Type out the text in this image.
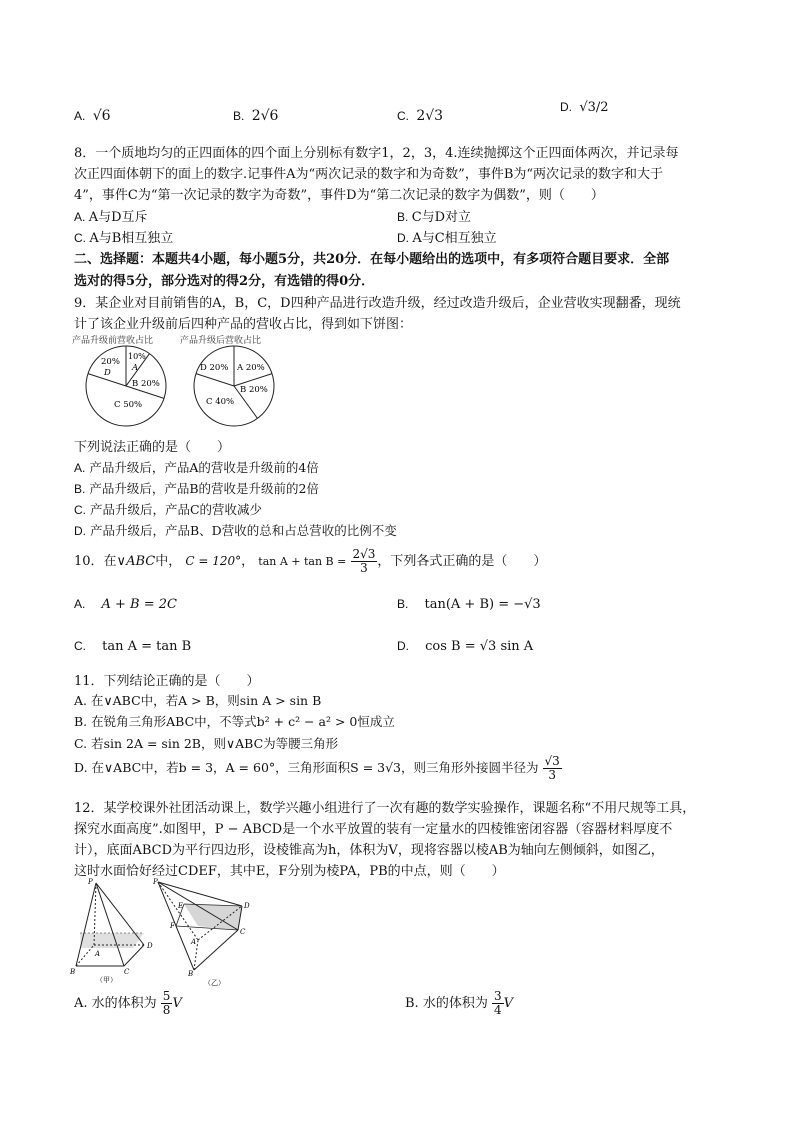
A. √6	B. 2√6	C. 2√3
D. √3/2
8．一个质地均匀的正四面体的四个面上分别标有数字1，2，3，4.连续抛掷这个正四面体两次，并记录每
次正四面体朝下的面上的数字.记事件A为“两次记录的数字和为奇数”，事件B为“两次记录的数字和大于
4”，事件C为“第一次记录的数字为奇数”，事件D为“第二次记录的数字为偶数”，则（　　）
A. A与D互斥	B. C与D对立
C. A与B相互独立	D. A与C相互独立
二、选择题：本题共4小题，每小题5分，共20分．在每小题给出的选项中，有多项符合题目要求．全部
选对的得5分，部分选对的得2分，有选错的得0分．
9．某企业对目前销售的A，B，C，D四种产品进行改造升级，经过改造升级后，企业营收实现翻番，现统
计了该企业升级前后四种产品的营收占比，得到如下饼图：
产品升级前营收占比	产品升级后营收占比
20%
D
10%
A
B 20%
C 50%
D 20% A 20%
B 20%
C 40%
下列说法正确的是（　　）
A. 产品升级后，产品A的营收是升级前的4倍
B. 产品升级后，产品B的营收是升级前的2倍
C. 产品升级后，产品C的营收减少
D. 产品升级后，产品B、D营收的总和占总营收的比例不变
10．在∨ABC中， C = 120°， $\tan A + \tan B = \frac{2√3}{3}$ ，下列各式正确的是（　　）
A. A + B = 2C	B. tan(A + B) = −√3
C. tan A = tan B	D. cos B = √3 sin A
11．下列结论正确的是（　　）
A. 在∨ABC中，若A > B，则sin A > sin B
B. 在锐角三角形ABC中，不等式b² + c² − a² > 0恒成立
C. 若sin 2A = sin 2B，则∨ABC为等腰三角形
D. 在∨ABC中，若b = 3，A = 60°，三角形面积S = 3√3，则三角形外接圆半径为 $\frac{√3}{3}$
12．某学校课外社团活动课上，数学兴趣小组进行了一次有趣的数学实验操作，课题名称“不用尺规等工具，
探究水面高度”.如图甲，P − ABCD是一个水平放置的装有一定量水的四棱锥密闭容器（容器材料厚度不
计），底面ABCD为平行四边形，设棱锥高为h，体积为V，现将容器以棱AB为轴向左侧倾斜，如图乙，
这时水面恰好经过CDEF，其中E，F分别为棱PA，PB的中点，则（　　）
P
B	C
D
A
（甲）
P
E
F
D
C
A
B
（乙）
A. 水的体积为 $\frac{5}{8}$ V	B. 水的体积为 $\frac{3}{4}$ V
